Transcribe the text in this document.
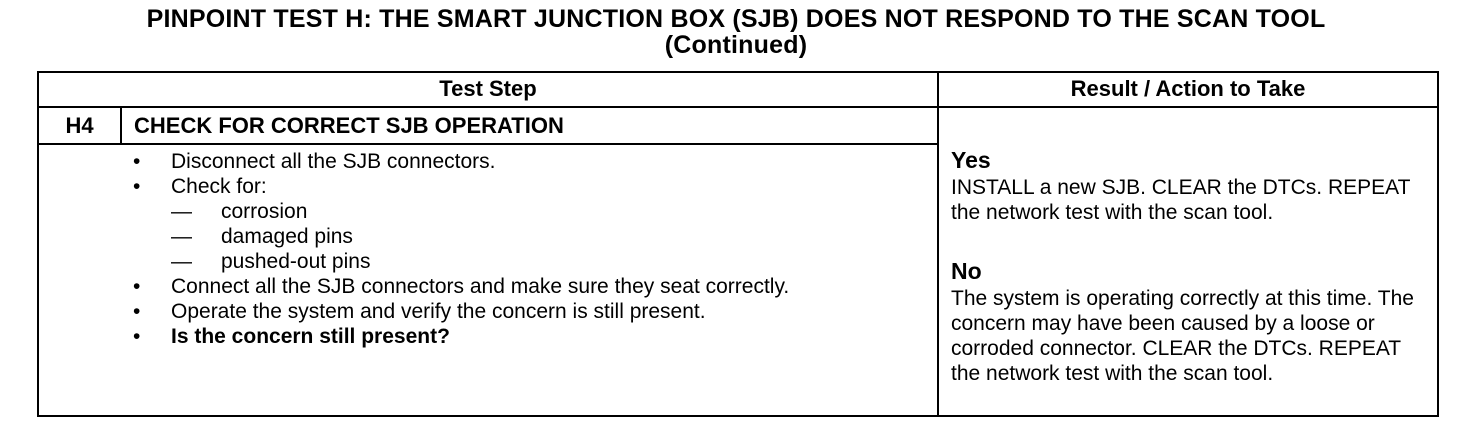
PINPOINT TEST H: THE SMART JUNCTION BOX (SJB) DOES NOT RESPOND TO THE SCAN TOOL
(Continued)
Test Step	Result / Action to Take
H4	CHECK FOR CORRECT SJB OPERATION
• Disconnect all the SJB connectors.
• Check for:
— corrosion
— damaged pins
— pushed-out pins
• Connect all the SJB connectors and make sure they seat correctly.
• Operate the system and verify the concern is still present.
• Is the concern still present?
Yes
INSTALL a new SJB. CLEAR the DTCs. REPEAT the network test with the scan tool.
No
The system is operating correctly at this time. The concern may have been caused by a loose or corroded connector. CLEAR the DTCs. REPEAT the network test with the scan tool.
